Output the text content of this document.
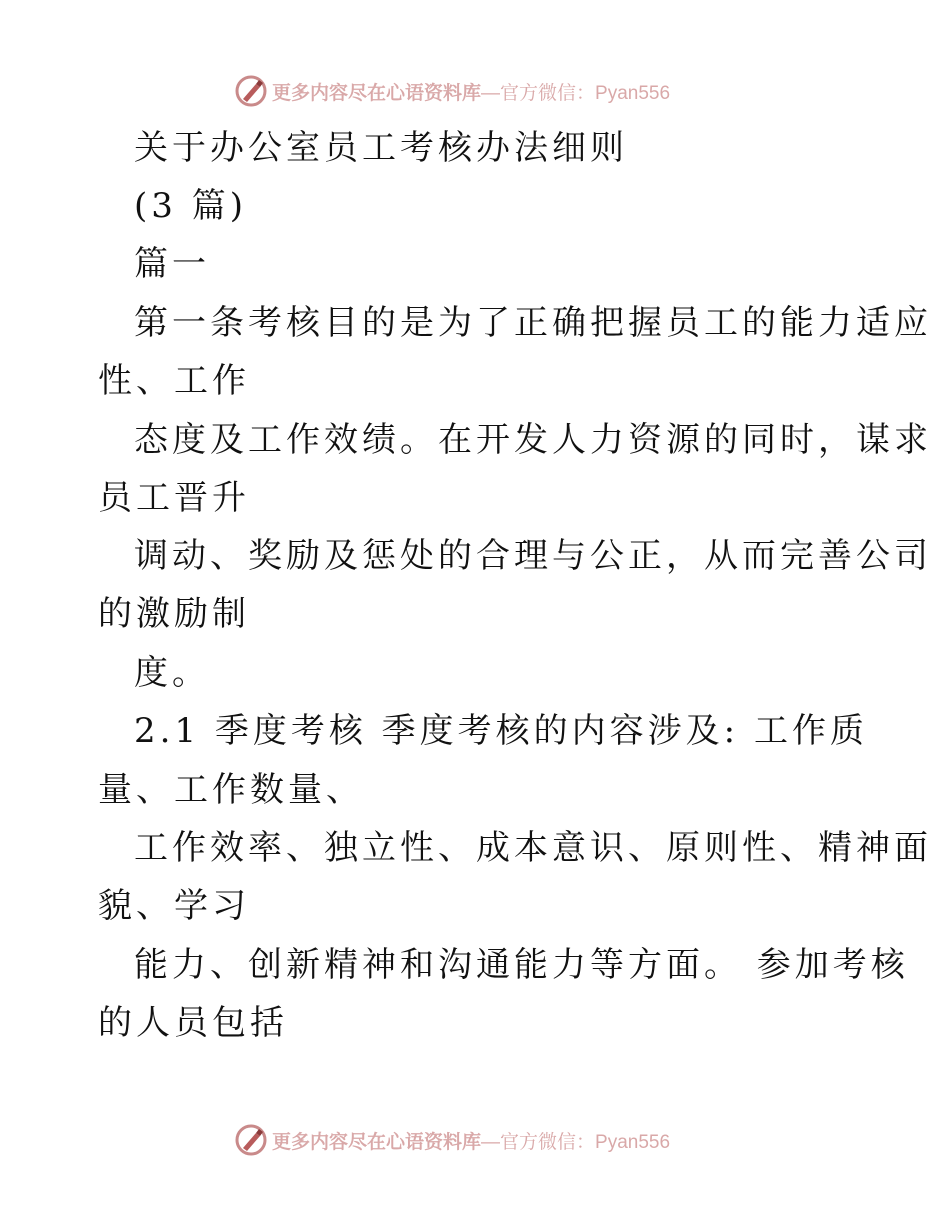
更多内容尽在心语资料库 —官方微信：Pyan556
关于办公室员工考核办法细则
(3 篇)
篇一
第一条考核目的是为了正确把握员工的能力适应
性、工作
态度及工作效绩。在开发人力资源的同时，谋求
员工晋升
调动、奖励及惩处的合理与公正，从而完善公司
的激励制
度。
2.1 季度考核 季度考核的内容涉及: 工作质
量、工作数量、
工作效率、独立性、成本意识、原则性、精神面
貌、学习
能力、创新精神和沟通能力等方面。 参加考核
的人员包括
更多内容尽在心语资料库 —官方微信：Pyan556
